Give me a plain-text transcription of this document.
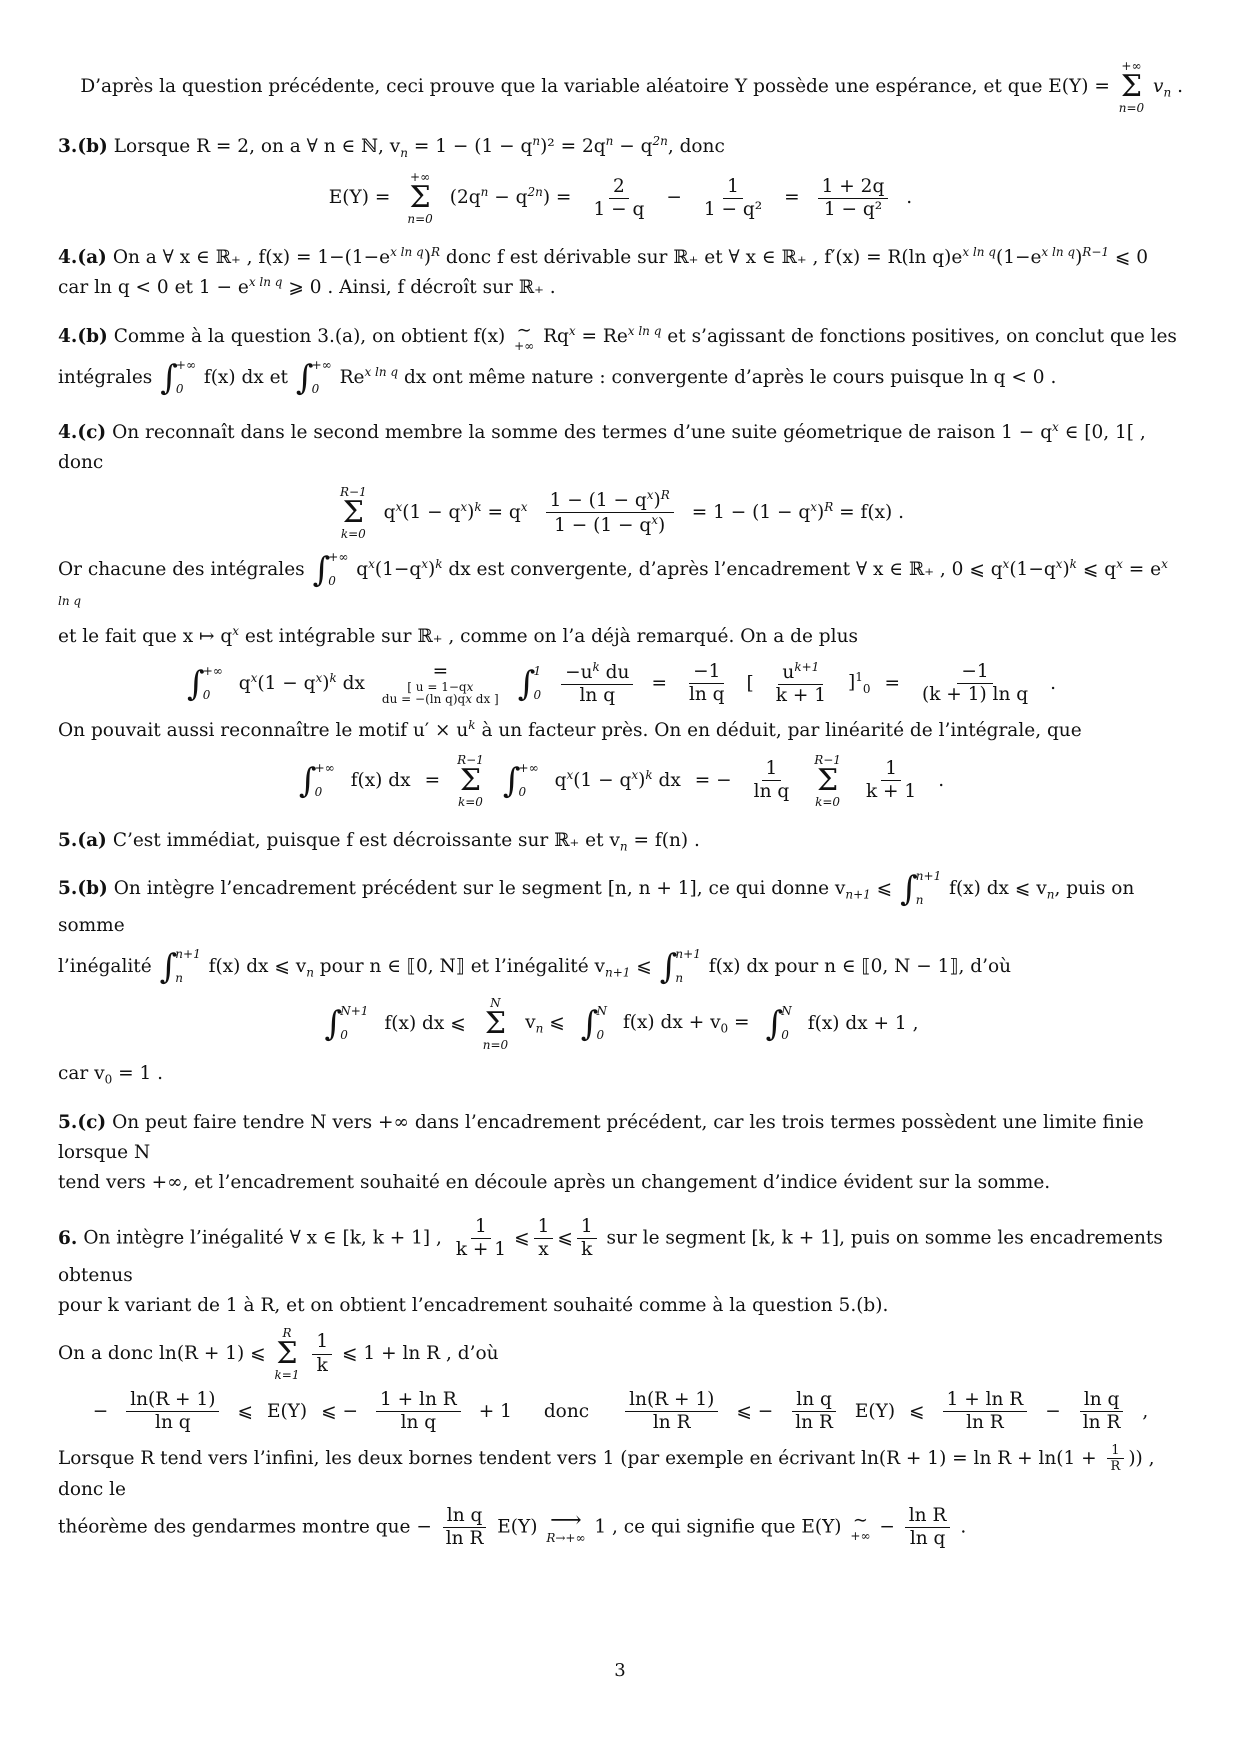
D’après la question précédente, ceci prouve que la variable aléatoire Y possède une espérance, et que E(Y) =
+∞
Σ
n=0
$v_n$ .

3.(b) Lorsque R = 2, on a ∀ n ∈ ℕ, $v_n = 1 - (1 - q^n)^2 = 2q^n - q^{2n}$, donc

E(Y) =
+∞
Σ
n=0
$(2q^n - q^{2n}) = \frac{2}{1 - q} - \frac{1}{\text{1 − q²}} = \frac{1 + 2q}{\text{1 − q²}}$ .

4.(a) On a ∀ x ∈ ℝ₊ , $f(x) = 1-(1-e^{x ln q})^R$ donc f est dérivable sur ℝ₊ et ∀ x ∈ ℝ₊ , f′(x) = R(ln $q)e^{x ln q}(1-e^{x ln q})^{R-1}$ ⩽ 0

car ln q < 0 et $1 - e^{x ln q}$ ⩾ 0 . Ainsi, f décroît sur ℝ₊ .

4.(b) Comme à la question 3.(a), on obtient f(x) ∼
+∞ $Rq^x = Re^{x ln q}$ et s’agissant de fonctions positives, on conclut que les

intégrales ∫
+∞
0
f(x) dx et ∫
+∞
0
$Re^{x ln q}$ dx ont même nature : convergente d’après le cours puisque ln q < 0 .

4.(c) On reconnaît dans le second membre la somme des termes d’une suite géometrique de raison $1 - q^x$ ∈ [0, 1[ , donc

R−1
Σ
k=0
$q^x(1 - q^x)^k = q^x \frac{1 - (1 - q^x)^R}{1 - (1 - q^x)} = 1 - (1 - q^x)^R = f(x)$ .

Or chacune des intégrales ∫
+∞
0
$q^x(1-q^x)^k$ dx est convergente, d’après l’encadrement ∀ x ∈ ℝ₊ , 0 ⩽ $q^x(1-q^x)^k$ ⩽ $q^x = e^{x ln q}$

et le fait que x ↦ $q^x$ est intégrable sur ℝ₊ , comme on l’a déjà remarqué. On a de plus

∫
+∞
0
$q^x(1 - q^x)^k$ dx
=
[ u = 1−qx
du = −(ln q)qx dx ] ∫
1
$0 \frac{-u^k du}{\text{ln q}} = \frac{-1}{\text{ln q}}$ [ $\frac{u^{k+1}}{k + 1} ]^1_0 = \frac{-1}{\text{(k + 1) ln q}}$ .

On pouvait aussi reconnaître le motif $u' \times u^k$ à un facteur près. On en déduit, par linéarité de l’intégrale, que

∫
+∞
0
f(x) dx =
R−1
Σ
k=0
∫
+∞
0
$q^x(1 - q^x)^k$ dx = − $\frac{1}{\text{ln q}} R-1$
Σ
$k=0 \frac{1}{k + 1}$ .

5.(a) C’est immédiat, puisque f est décroissante sur ℝ₊ et $v_n = f(n)$ .

5.(b) On intègre l’encadrement précédent sur le segment [n, n + 1], ce qui donne $v_{n+1}$ ⩽ ∫
n+1
n
f(x) dx ⩽ $v_n$, puis on somme

l’inégalité ∫
n+1
n
f(x) dx ⩽ $v_n$ pour n ∈ ⟦0, N⟧ et l’inégalité $v_{n+1}$ ⩽ ∫
n+1
n
f(x) dx pour n ∈ ⟦0, N − 1⟧, d’où

∫
N+1
0
f(x) dx ⩽
N
Σ
n=0
$v_n$ ⩽ ∫
N
0
f(x) dx + $v_0$ = ∫
N
0
f(x) dx + 1 ,

car $v_0 = 1$ .

5.(c) On peut faire tendre N vers +∞ dans l’encadrement précédent, car les trois termes possèdent une limite finie lorsque N

tend vers +∞, et l’encadrement souhaité en découle après un changement d’indice évident sur la somme.

6. On intègre l’inégalité ∀ x ∈ [k, k + 1] , $\frac{1}{k + 1}$ ⩽ $\frac{1}{x}$ ⩽ $\frac{1}{k}$ sur le segment [k, k + 1], puis on somme les encadrements obtenus

pour k variant de 1 à R, et on obtient l’encadrement souhaité comme à la question 5.(b).

On a donc ln(R + 1) ⩽
R
Σ
k=1
$\frac{1}{k}$ ⩽ 1 + ln R , d’où

− $\frac{\ln(R + 1)}{\text{ln q}}$ ⩽ E(Y) ⩽ − $\frac{\text{1 + ln R}}{\text{ln q}} + 1$ donc $\frac{\ln(R + 1)}{\text{ln R}}$ ⩽ − $\frac{\text{ln q}}{\text{ln R}} E(Y)$ ⩽ $\frac{\text{1 + ln R}}{\text{ln R}} - \frac{\text{ln q}}{\text{ln R}}$ ,

Lorsque R tend vers l’infini, les deux bornes tendent vers 1 (par exemple en écrivant $\ln(R + 1) = \ln R + \ln(1 + \frac{1}{R}$ )) , donc le

théorème des gendarmes montre que − $\frac{\text{ln q}}{\text{ln R}} E(Y)$ ⟶
R→+∞
1 , ce qui signifie que E(Y) ∼
+∞ − $\frac{\text{ln R}}{\text{ln q}}$ .

3
